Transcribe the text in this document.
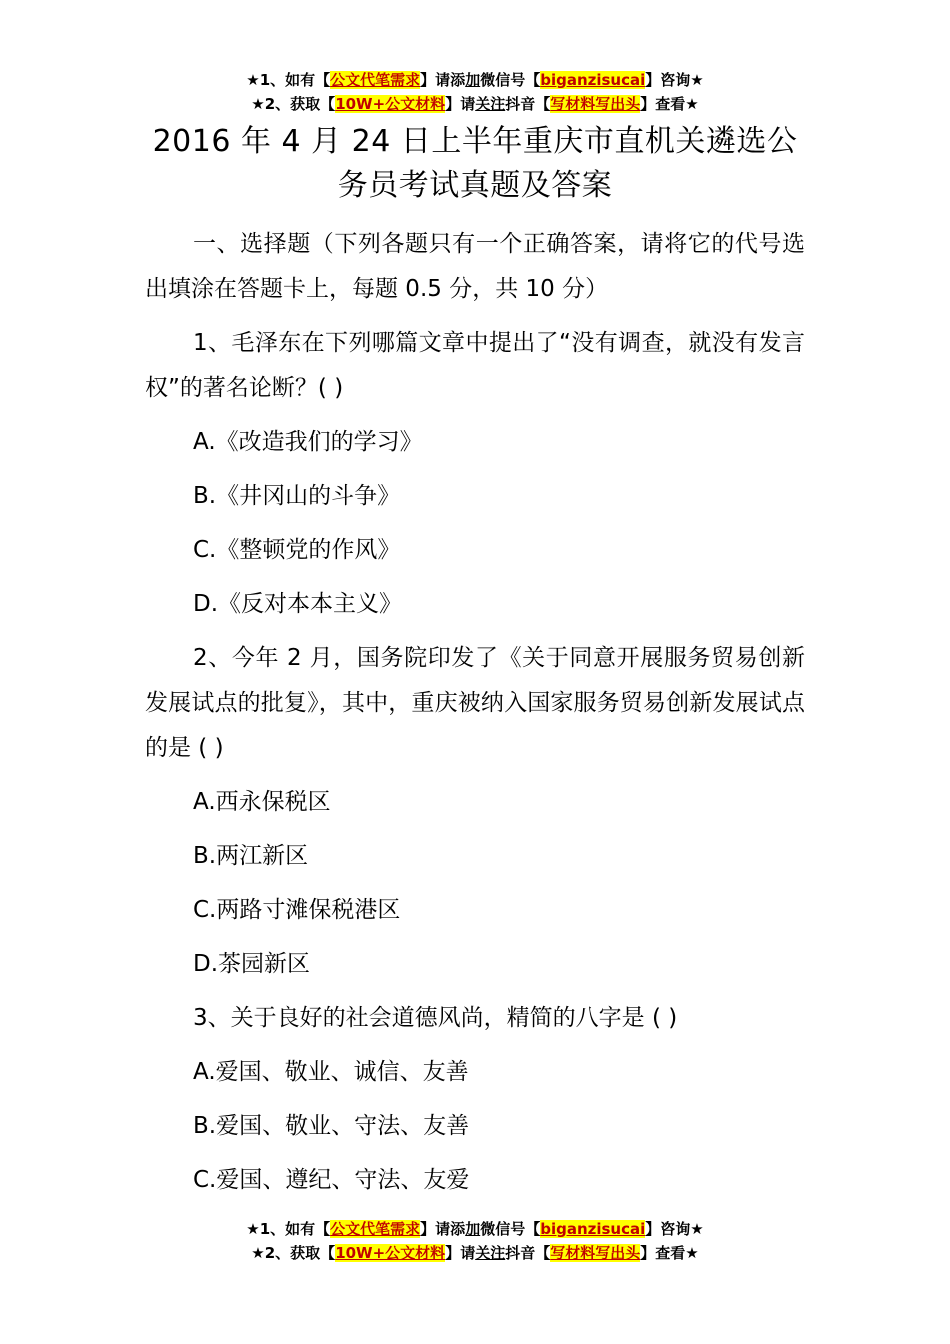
★1、如有【公文代笔需求】请添加微信号【biganzisucai】咨询★
★2、获取【10W+公文材料】请关注抖音【写材料写出头】查看★
2016 年 4 月 24 日上半年重庆市直机关遴选公务员考试真题及答案

一、选择题（下列各题只有一个正确答案，请将它的代号选出填涂在答题卡上，每题 0.5 分，共 10 分）

1、毛泽东在下列哪篇文章中提出了“没有调查，就没有发言权”的著名论断？( )

A.《改造我们的学习》

B.《井冈山的斗争》

C.《整顿党的作风》

D.《反对本本主义》

2、今年 2 月，国务院印发了《关于同意开展服务贸易创新发展试点的批复》，其中，重庆被纳入国家服务贸易创新发展试点的是 ( )

A.西永保税区

B.两江新区

C.两路寸滩保税港区

D.茶园新区

3、关于良好的社会道德风尚，精简的八字是 ( )

A.爱国、敬业、诚信、友善

B.爱国、敬业、守法、友善

C.爱国、遵纪、守法、友爱

★1、如有【公文代笔需求】请添加微信号【biganzisucai】咨询★
★2、获取【10W+公文材料】请关注抖音【写材料写出头】查看★
